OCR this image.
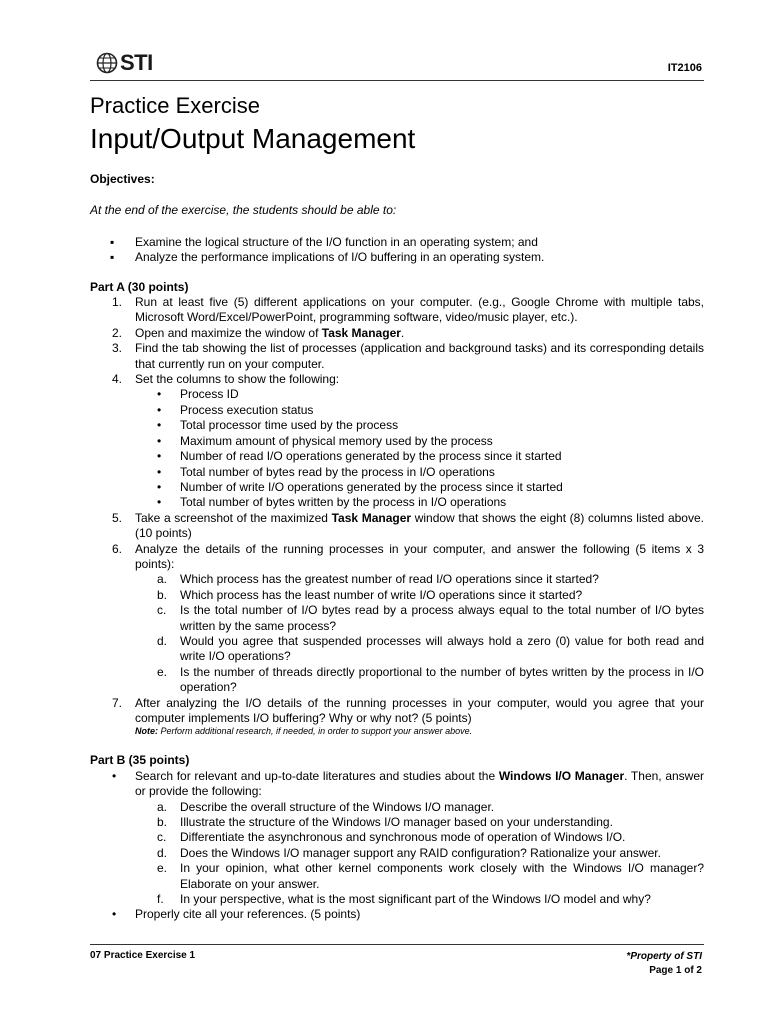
STI	IT2106
Practice Exercise
Input/Output Management

Objectives:

At the end of the exercise, the students should be able to:

▪ Examine the logical structure of the I/O function in an operating system; and
▪ Analyze the performance implications of I/O buffering in an operating system.

Part A (30 points)

1. Run at least five (5) different applications on your computer. (e.g., Google Chrome with multiple tabs, Microsoft Word/Excel/PowerPoint, programming software, video/music player, etc.).
2. Open and maximize the window of Task Manager.
3. Find the tab showing the list of processes (application and background tasks) and its corresponding details that currently run on your computer.
4. Set the columns to show the following:
• Process ID
• Process execution status
• Total processor time used by the process
• Maximum amount of physical memory used by the process
• Number of read I/O operations generated by the process since it started
• Total number of bytes read by the process in I/O operations
• Number of write I/O operations generated by the process since it started
• Total number of bytes written by the process in I/O operations
5. Take a screenshot of the maximized Task Manager window that shows the eight (8) columns listed above. (10 points)
6. Analyze the details of the running processes in your computer, and answer the following (5 items x 3 points):
a. Which process has the greatest number of read I/O operations since it started?
b. Which process has the least number of write I/O operations since it started?
c. Is the total number of I/O bytes read by a process always equal to the total number of I/O bytes written by the same process?
d. Would you agree that suspended processes will always hold a zero (0) value for both read and write I/O operations?
e. Is the number of threads directly proportional to the number of bytes written by the process in I/O operation?
7. After analyzing the I/O details of the running processes in your computer, would you agree that your computer implements I/O buffering? Why or why not? (5 points)
Note: Perform additional research, if needed, in order to support your answer above.

Part B (35 points)

• Search for relevant and up-to-date literatures and studies about the Windows I/O Manager. Then, answer or provide the following:
a. Describe the overall structure of the Windows I/O manager.
b. Illustrate the structure of the Windows I/O manager based on your understanding.
c. Differentiate the asynchronous and synchronous mode of operation of Windows I/O.
d. Does the Windows I/O manager support any RAID configuration? Rationalize your answer.
e. In your opinion, what other kernel components work closely with the Windows I/O manager? Elaborate on your answer.
f. In your perspective, what is the most significant part of the Windows I/O model and why?
• Properly cite all your references. (5 points)
07 Practice Exercise 1	*Property of STI
Page 1 of 2
